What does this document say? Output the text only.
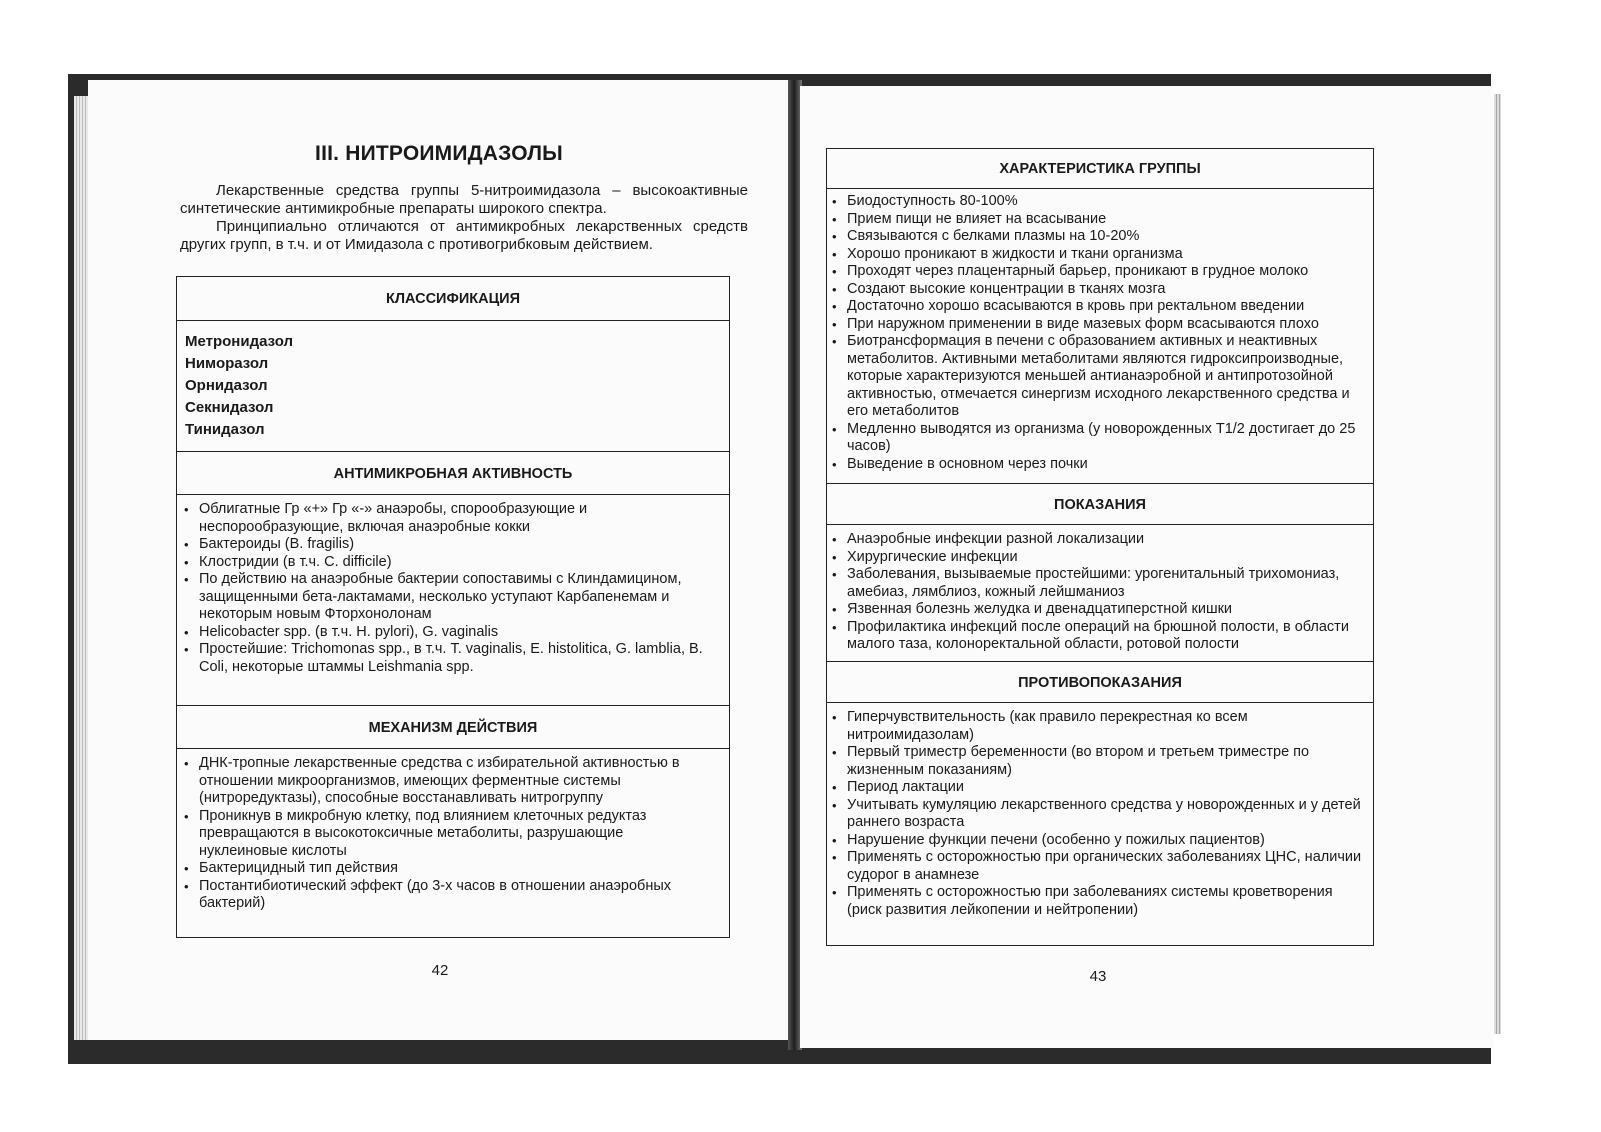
III. НИТРОИМИДАЗОЛЫ

Лекарственные средства группы 5-нитроимидазола – высокоактивные синтетические антимикробные препараты широкого спектра.

Принципиально отличаются от антимикробных лекарственных средств других групп, в т.ч. и от Имидазола с противогрибковым действием.

КЛАССИФИКАЦИЯ
Метронидазол
Ниморазол
Орнидазол
Секнидазол
Тинидазол
АНТИМИКРОБНАЯ АКТИВНОСТЬ
• Облигатные Гр «+» Гр «-» анаэробы, спорообразующие и неспорообразующие, включая анаэробные кокки
• Бактероиды (B. fragilis)
• Клостридии (в т.ч. C. difficile)
• По действию на анаэробные бактерии сопоставимы с Клиндамицином, защищенными бета-лактамами, несколько уступают Карбапенемам и некоторым новым Фторхонолонам
• Helicobacter spp. (в т.ч. H. pylori), G. vaginalis
• Простейшие: Trichomonas spp., в т.ч. T. vaginalis, E. histolitica, G. lamblia, B. Coli, некоторые штаммы Leishmania spp.
МЕХАНИЗМ ДЕЙСТВИЯ
• ДНК-тропные лекарственные средства с избирательной активностью в отношении микроорганизмов, имеющих ферментные системы (нитроредуктазы), способные восстанавливать нитрогруппу
• Проникнув в микробную клетку, под влиянием клеточных редуктаз превращаются в высокотоксичные метаболиты, разрушающие нуклеиновые кислоты
• Бактерицидный тип действия
• Постантибиотический эффект (до 3-х часов в отношении анаэробных бактерий)
42
ХАРАКТЕРИСТИКА ГРУППЫ
• Биодоступность 80-100%
• Прием пищи не влияет на всасывание
• Связываются с белками плазмы на 10-20%
• Хорошо проникают в жидкости и ткани организма
• Проходят через плацентарный барьер, проникают в грудное молоко
• Создают высокие концентрации в тканях мозга
• Достаточно хорошо всасываются в кровь при ректальном введении
• При наружном применении в виде мазевых форм всасываются плохо
• Биотрансформация в печени с образованием активных и неактивных метаболитов. Активными метаболитами являются гидроксипроизводные, которые характеризуются меньшей антианаэробной и антипротозойной активностью, отмечается синергизм исходного лекарственного средства и его метаболитов
• Медленно выводятся из организма (у новорожденных T1/2 достигает до 25 часов)
• Выведение в основном через почки
ПОКАЗАНИЯ
• Анаэробные инфекции разной локализации
• Хирургические инфекции
• Заболевания, вызываемые простейшими: урогенитальный трихомониаз, амебиаз, лямблиоз, кожный лейшманиоз
• Язвенная болезнь желудка и двенадцатиперстной кишки
• Профилактика инфекций после операций на брюшной полости, в области малого таза, колоноректальной области, ротовой полости
ПРОТИВОПОКАЗАНИЯ
• Гиперчувствительность (как правило перекрестная ко всем нитроимидазолам)
• Первый триместр беременности (во втором и третьем триместре по жизненным показаниям)
• Период лактации
• Учитывать кумуляцию лекарственного средства у новорожденных и у детей раннего возраста
• Нарушение функции печени (особенно у пожилых пациентов)
• Применять с осторожностью при органических заболеваниях ЦНС, наличии судорог в анамнезе
• Применять с осторожностью при заболеваниях системы кроветворения (риск развития лейкопении и нейтропении)
43
